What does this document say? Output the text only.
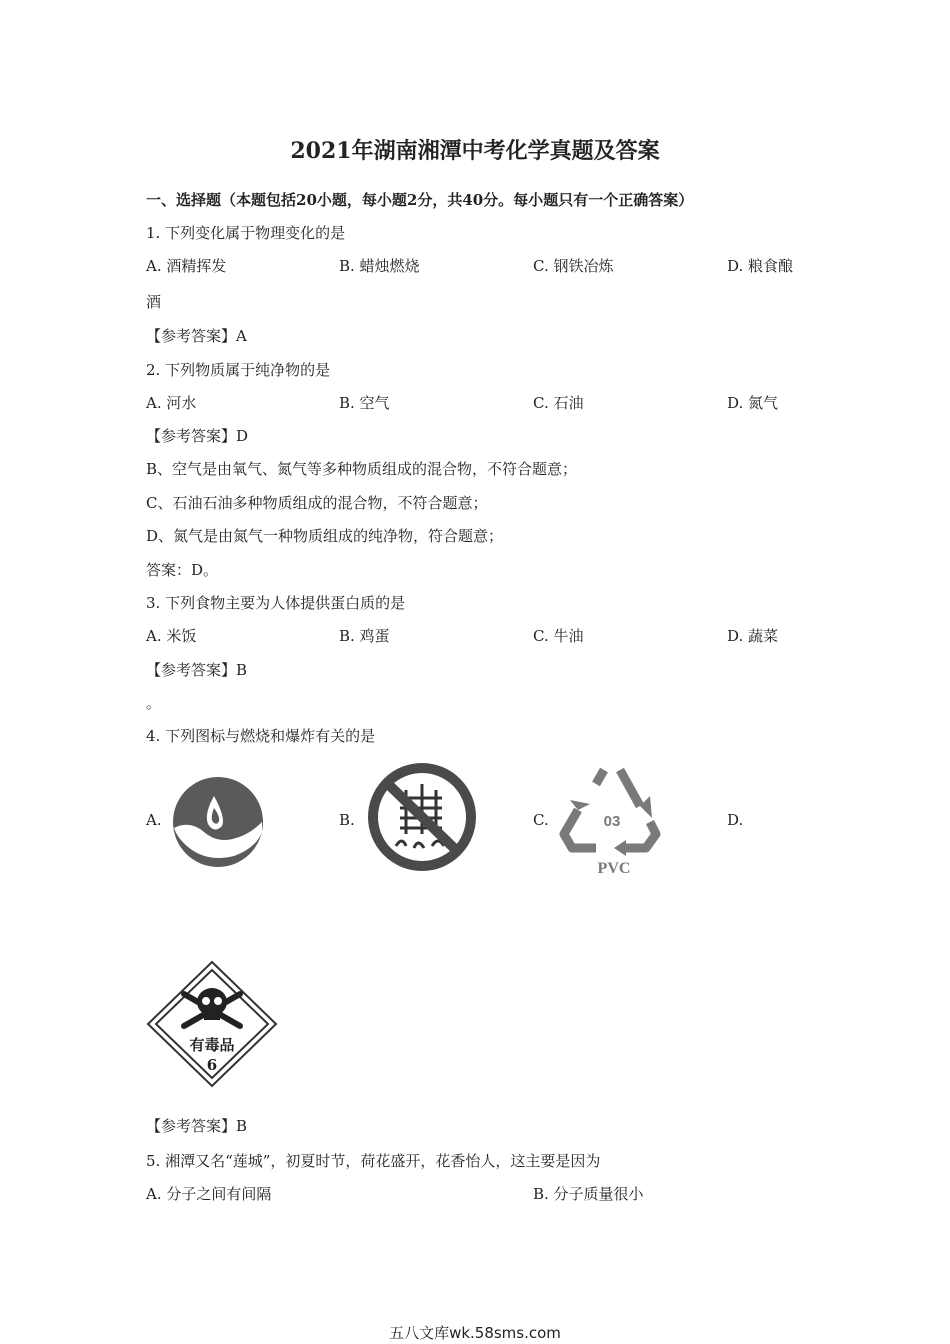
2021年湖南湘潭中考化学真题及答案
一、选择题（本题包括20小题，每小题2分，共40分。每小题只有一个正确答案）
1. 下列变化属于物理变化的是
A. 酒精挥发	B. 蜡烛燃烧	C. 钢铁冶炼	D. 粮食酿
酒
【参考答案】A
2. 下列物质属于纯净物的是
A. 河水	B. 空气	C. 石油	D. 氮气
【参考答案】D
B、空气是由氧气、氮气等多种物质组成的混合物，不符合题意；
C、石油石油多种物质组成的混合物，不符合题意；
D、氮气是由氮气一种物质组成的纯净物，符合题意；
答案：D。
3. 下列食物主要为人体提供蛋白质的是
A. 米饭	B. 鸡蛋	C. 牛油	D. 蔬菜
【参考答案】B
。
4. 下列图标与燃烧和爆炸有关的是
A.	B.	C.	D.
03
PVC
有毒品
6
【参考答案】B
5. 湘潭又名“莲城”，初夏时节，荷花盛开，花香怡人，这主要是因为
A. 分子之间有间隔	B. 分子质量很小
五八文库wk.58sms.com
